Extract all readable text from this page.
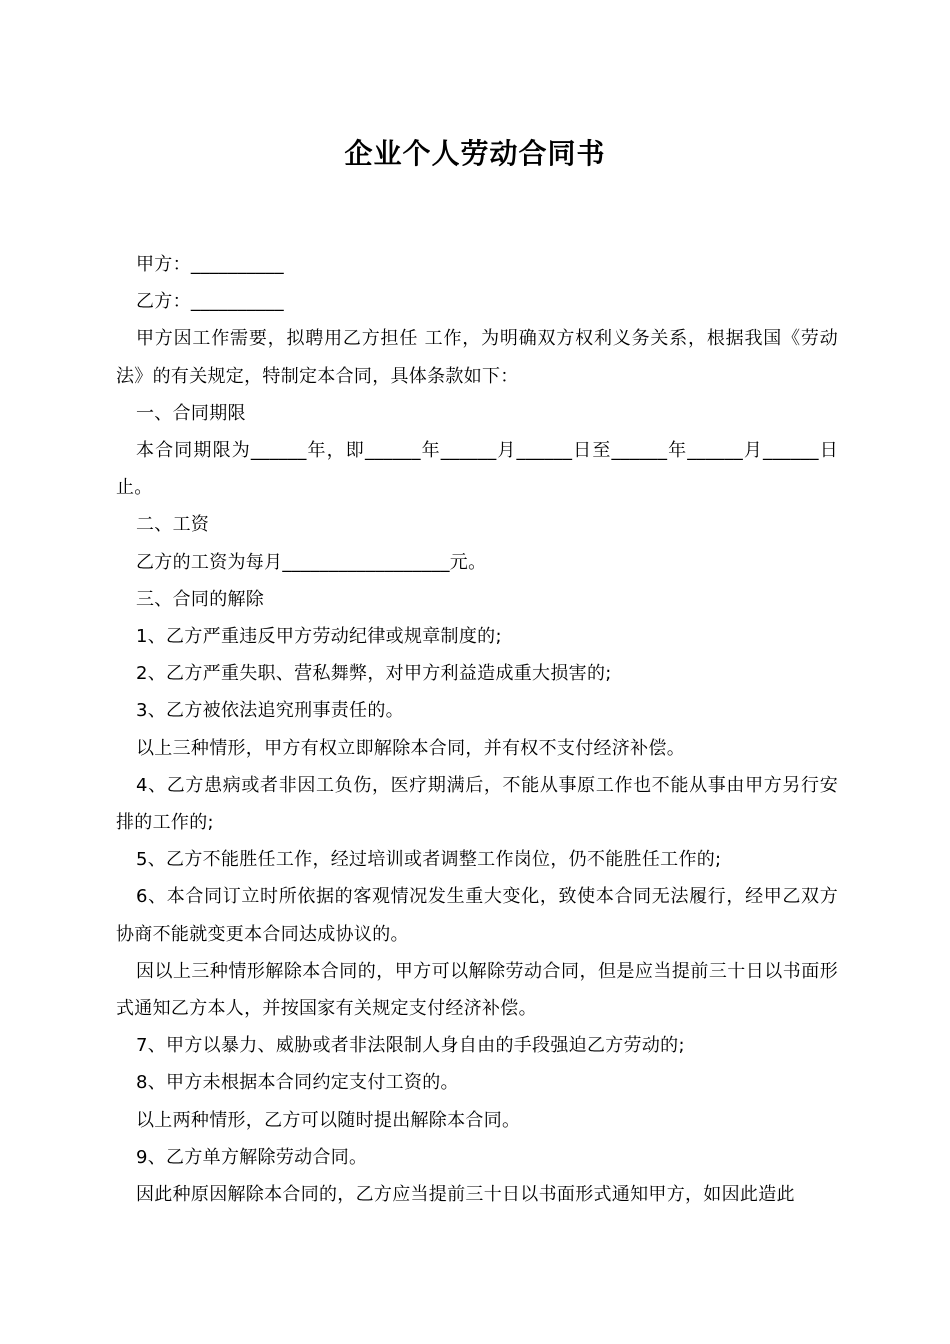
企业个人劳动合同书

甲方：__________

乙方：__________

甲方因工作需要，拟聘用乙方担任 工作，为明确双方权利义务关系，根据我国《劳动法》的有关规定，特制定本合同，具体条款如下：

一、合同期限

本合同期限为______年，即______年______月______日至______年______月______日止。

二、工资

乙方的工资为每月__________________元。

三、合同的解除

1、乙方严重违反甲方劳动纪律或规章制度的;

2、乙方严重失职、营私舞弊，对甲方利益造成重大损害的;

3、乙方被依法追究刑事责任的。

以上三种情形，甲方有权立即解除本合同，并有权不支付经济补偿。

4、乙方患病或者非因工负伤，医疗期满后，不能从事原工作也不能从事由甲方另行安排的工作的;

5、乙方不能胜任工作，经过培训或者调整工作岗位，仍不能胜任工作的;

6、本合同订立时所依据的客观情况发生重大变化，致使本合同无法履行，经甲乙双方协商不能就变更本合同达成协议的。

因以上三种情形解除本合同的，甲方可以解除劳动合同，但是应当提前三十日以书面形式通知乙方本人，并按国家有关规定支付经济补偿。

7、甲方以暴力、威胁或者非法限制人身自由的手段强迫乙方劳动的;

8、甲方未根据本合同约定支付工资的。

以上两种情形，乙方可以随时提出解除本合同。

9、乙方单方解除劳动合同。

因此种原因解除本合同的，乙方应当提前三十日以书面形式通知甲方，如因此造此
